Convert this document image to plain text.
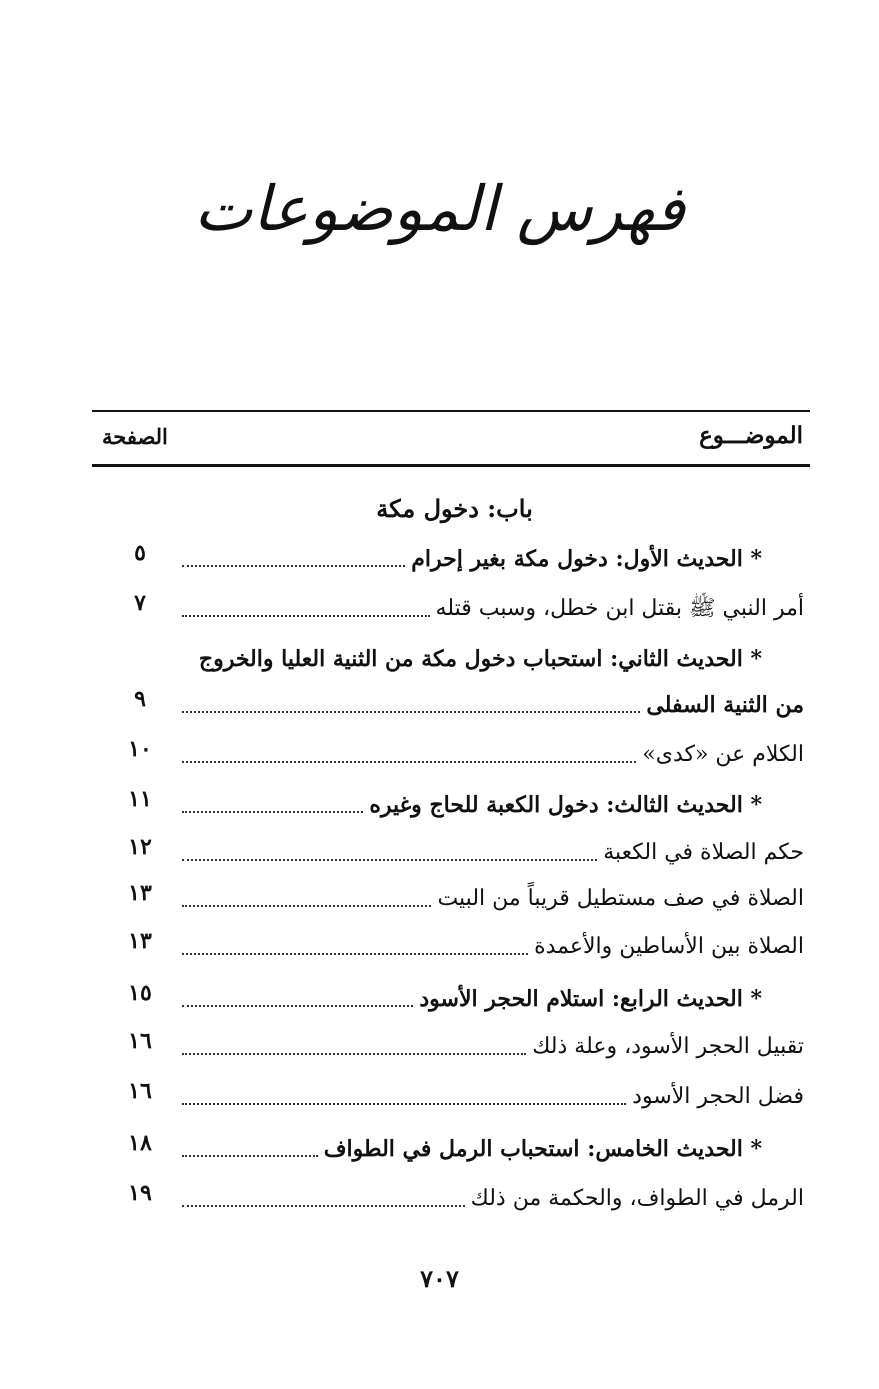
فهرس الموضوعات
الموضـــوع
الصفحة
باب: دخول مكة
* الحديث الأول: دخول مكة بغير إحرام
٥
أمر النبي ﷺ بقتل ابن خطل، وسبب قتله
٧
* الحديث الثاني: استحباب دخول مكة من الثنية العليا والخروج
من الثنية السفلى
٩
الكلام عن «كدى»
١٠
* الحديث الثالث: دخول الكعبة للحاج وغيره
١١
حكم الصلاة في الكعبة
١٢
الصلاة في صف مستطيل قريباً من البيت
١٣
الصلاة بين الأساطين والأعمدة
١٣
* الحديث الرابع: استلام الحجر الأسود
١٥
تقبيل الحجر الأسود، وعلة ذلك
١٦
فضل الحجر الأسود
١٦
* الحديث الخامس: استحباب الرمل في الطواف
١٨
الرمل في الطواف، والحكمة من ذلك
١٩
٧٠٧
